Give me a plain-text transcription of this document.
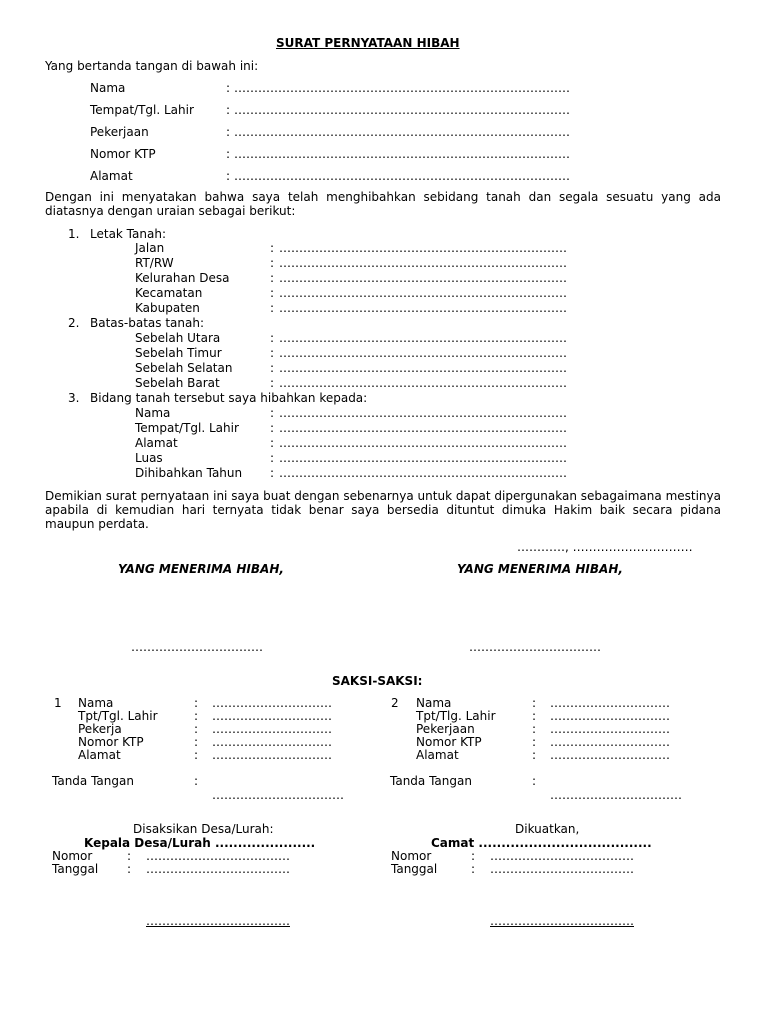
SURAT PERNYATAAN HIBAH
Yang bertanda tangan di bawah ini:
Nama	: …………………………………………………………………………
Tempat/Tgl. Lahir	: …………………………………………………………………………
Pekerjaan	: …………………………………………………………………………
Nomor KTP	: …………………………………………………………………………
Alamat	: …………………………………………………………………………
Dengan ini menyatakan bahwa saya telah menghibahkan sebidang tanah dan segala sesuatu yang ada diatasnya dengan uraian sebagai berikut:
1. Letak Tanah:
Jalan	: ………………………………………………………………
RT/RW	: ………………………………………………………………
Kelurahan Desa	: ………………………………………………………………
Kecamatan	: ………………………………………………………………
Kabupaten	: ………………………………………………………………
2. Batas-batas tanah:
Sebelah Utara	: ………………………………………………………………
Sebelah Timur	: ………………………………………………………………
Sebelah Selatan	: ………………………………………………………………
Sebelah Barat	: ………………………………………………………………
3. Bidang tanah tersebut saya hibahkan kepada:
Nama	: ………………………………………………………………
Tempat/Tgl. Lahir	: ………………………………………………………………
Alamat	: ………………………………………………………………
Luas	: ………………………………………………………………
Dihibahkan Tahun : ………………………………………………………………
Demikian surat pernyataan ini saya buat dengan sebenarnya untuk dapat dipergunakan sebagaimana mestinya apabila di kemudian hari ternyata tidak benar saya bersedia dituntut dimuka Hakim baik secara pidana maupun perdata.
…………, …………………………
YANG MENERIMA HIBAH,	YANG MENERIMA HIBAH,
……………………………	……………………………
SAKSI-SAKSI:
1 Nama	: …………………………
Tpt/Tgl. Lahir	: …………………………
Pekerja	: …………………………
Nomor KTP	: …………………………
Alamat	: …………………………
Tanda Tangan	:
……………………………
2 Nama	: …………………………
Tpt/Tlg. Lahir	: …………………………
Pekerjaan	: …………………………
Nomor KTP	: …………………………
Alamat	: …………………………
Tanda Tangan	:
……………………………
Disaksikan Desa/Lurah:
Kepala Desa/Lurah ......................
Nomor	: ………………………………
Tanggal : ………………………………
………………………………
Dikuatkan,
Camat ......................................
Nomor	: ………………………………
Tanggal	: ………………………………
………………………………
